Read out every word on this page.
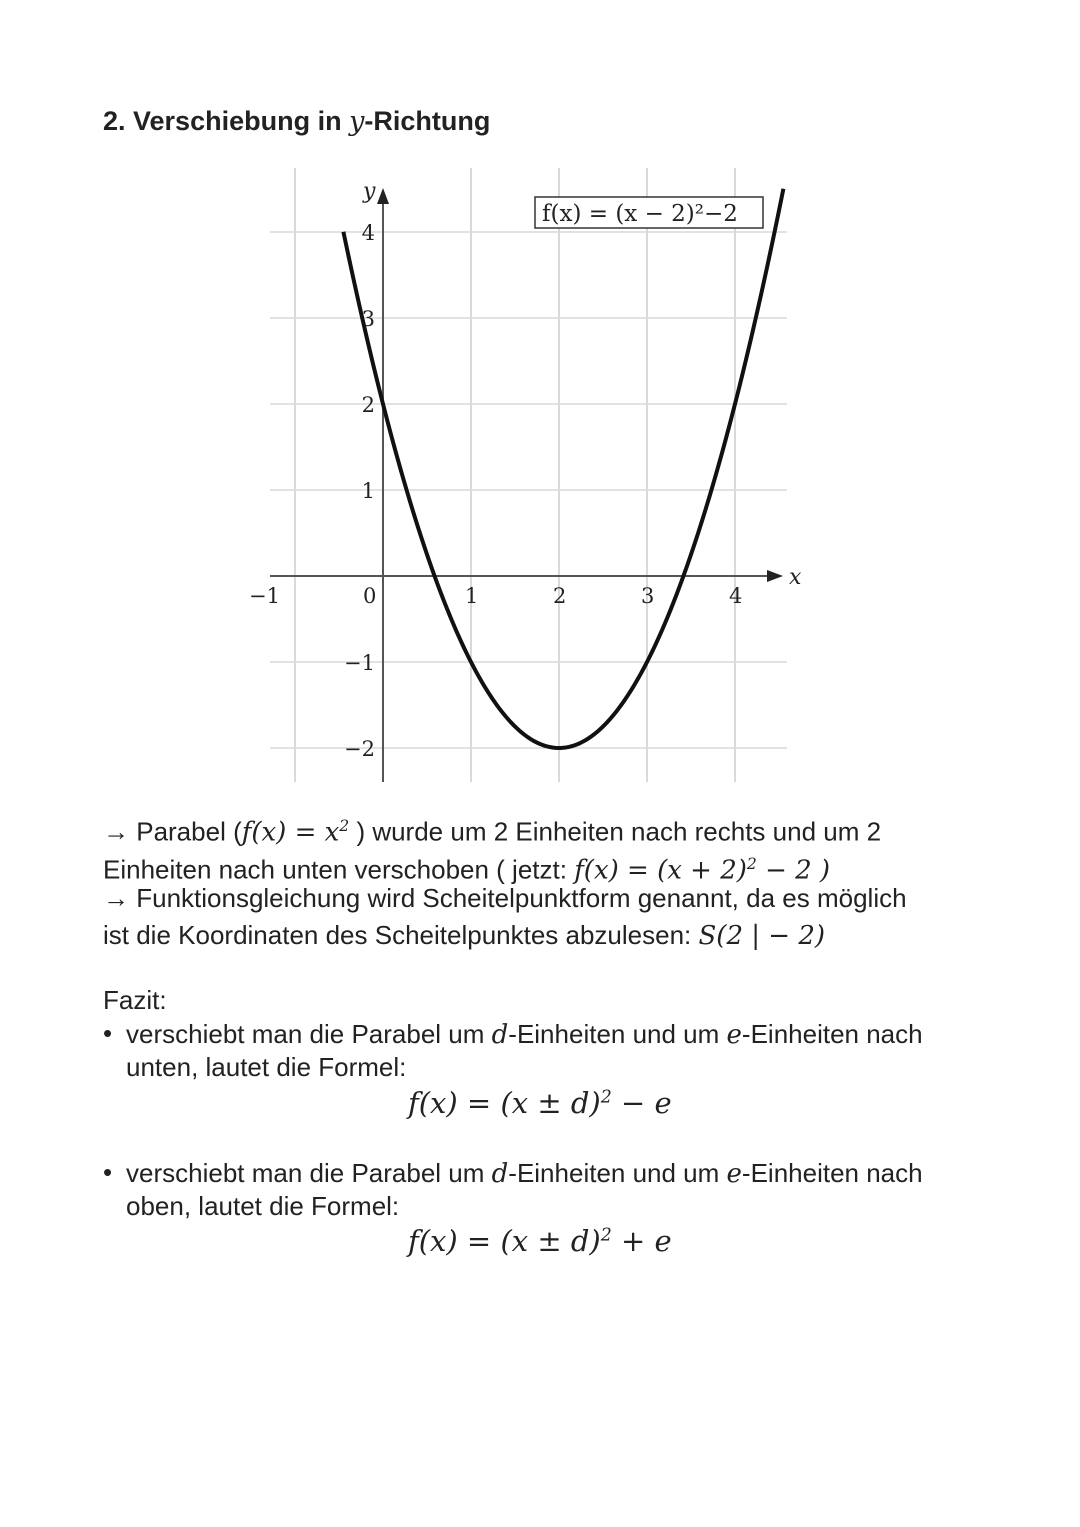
2. Verschiebung in y-Richtung
x
y
−1	0	1	2	3	4
4
3
2
1
−1
−2
f(x) = (x − 2)²−2
→ Parabel ($f(x) = x^2$ ) wurde um 2 Einheiten nach rechts und um 2
Einheiten nach unten verschoben ( jetzt: $f(x) = (x + 2)^2 - 2$ )
→ Funktionsgleichung wird Scheitelpunktform genannt, da es möglich
ist die Koordinaten des Scheitelpunktes abzulesen: S(2 | − 2)
Fazit:
• verschiebt man die Parabel um d-Einheiten und um e-Einheiten nach
unten, lautet die Formel:
$f(x) = (x \pm d)^2 - e$
• verschiebt man die Parabel um d-Einheiten und um e-Einheiten nach
oben, lautet die Formel:
$f(x) = (x \pm d)^2 + e$
